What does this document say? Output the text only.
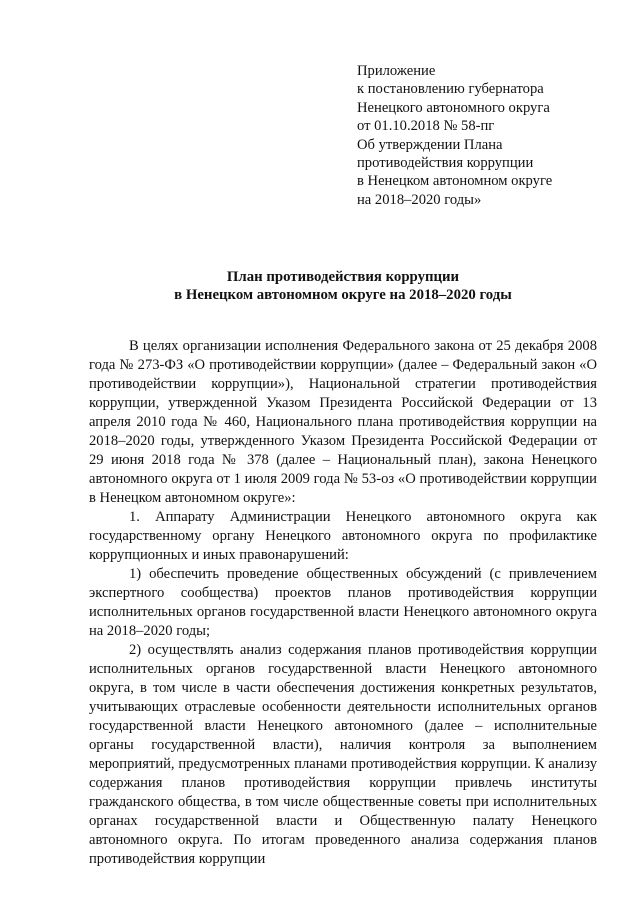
Приложение
к постановлению губернатора
Ненецкого автономного округа
от 01.10.2018 № 58-пг
Об утверждении Плана
противодействия коррупции
в Ненецком автономном округе
на 2018–2020 годы»
План противодействия коррупции
в Ненецком автономном округе на 2018–2020 годы

В целях организации исполнения Федерального закона от 25 декабря 2008 года № 273-ФЗ «О противодействии коррупции» (далее – Федеральный закон «О противодействии коррупции»), Национальной стратегии противодействия коррупции, утвержденной Указом Президента Российской Федерации от 13 апреля 2010 года № 460, Национального плана противодействия коррупции на 2018–2020 годы, утвержденного Указом Президента Российской Федерации от 29 июня 2018 года № 378 (далее – Национальный план), закона Ненецкого автономного округа от 1 июля 2009 года № 53-оз «О противодействии коррупции в Ненецком автономном округе»:

1. Аппарату Администрации Ненецкого автономного округа как государственному органу Ненецкого автономного округа по профилактике коррупционных и иных правонарушений:

1) обеспечить проведение общественных обсуждений (с привлечением экспертного сообщества) проектов планов противодействия коррупции исполнительных органов государственной власти Ненецкого автономного округа на 2018–2020 годы;

2) осуществлять анализ содержания планов противодействия коррупции исполнительных органов государственной власти Ненецкого автономного округа, в том числе в части обеспечения достижения конкретных результатов, учитывающих отраслевые особенности деятельности исполнительных органов государственной власти Ненецкого автономного (далее – исполнительные органы государственной власти), наличия контроля за выполнением мероприятий, предусмотренных планами противодействия коррупции. К анализу содержания планов противодействия коррупции привлечь институты гражданского общества, в том числе общественные советы при исполнительных органах государственной власти и Общественную палату Ненецкого автономного округа. По итогам проведенного анализа содержания планов противодействия коррупции
